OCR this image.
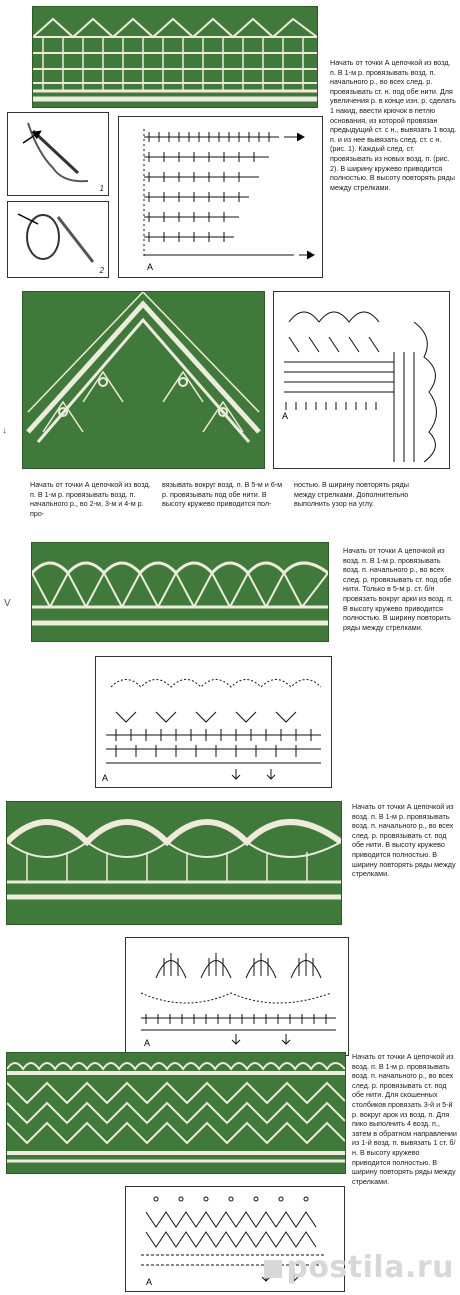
1
2	A
Начать от точки А цепочкой из возд. п. В 1-м р. провязывать возд. п. начального р., во всех след. р. провязывать ст. н. под обе нити. Для увеличения р. в конце изн. р. сделать 1 накид, ввести крючок в петлю основания, из которой провязан предыдущий ст. с н., вывязать 1 возд. п. и из нее вывязать след. ст. с н. (рис. 1). Каждый след. ст. провязывать из новых возд. п. (рис. 2). В ширину кружево приводится полностью. В высоту повторять ряды между стрелками.
A
↓
Начать от точки А цепочкой из возд. п. В 1-м р. провязывать возд. п. начального р., во 2-м, 3-м и 4-м р. про-
вязывать вокруг возд. п. В 5-м и 6-м р. провязывать под обе нити. В высоту кружево приводится пол-
ностью. В ширину повторять ряды между стрелками. Дополнительно выполнить узор на углу.
V
Начать от точки А цепочкой из возд. п. В 1-м р. провязывать возд. п. начального р., во всех след. р. провязывать ст. под обе нити. Только в 5-м р. ст. б/н провязать вокруг арки из возд. п. В высоту кружево приводится полностью. В ширину повторить ряды между стрелками.
A
Начать от точки А цепочкой из возд. п. В 1-м р. провязывать возд. п. начального р., во всех след. р. провязывать ст. под обе нити. В высоту кружево приводится полностью. В ширину повторять ряды между стрелками.
A
Начать от точки А цепочкой из возд. п. В 1-м р. провязывать возд. п. начального р., во всех след. р. провязывать ст. под обе нити. Для скошенных столбиков провязать 3-й и 5-й р. вокруг арок из возд. п. Для пико выполнить 4 возд. п., затем в обратном направлении из 1-й возд. п. вывязать 1 ст. б/н. В высоту кружево приводится полностью. В ширину повторять ряды между стрелками.
A	postila.ru
